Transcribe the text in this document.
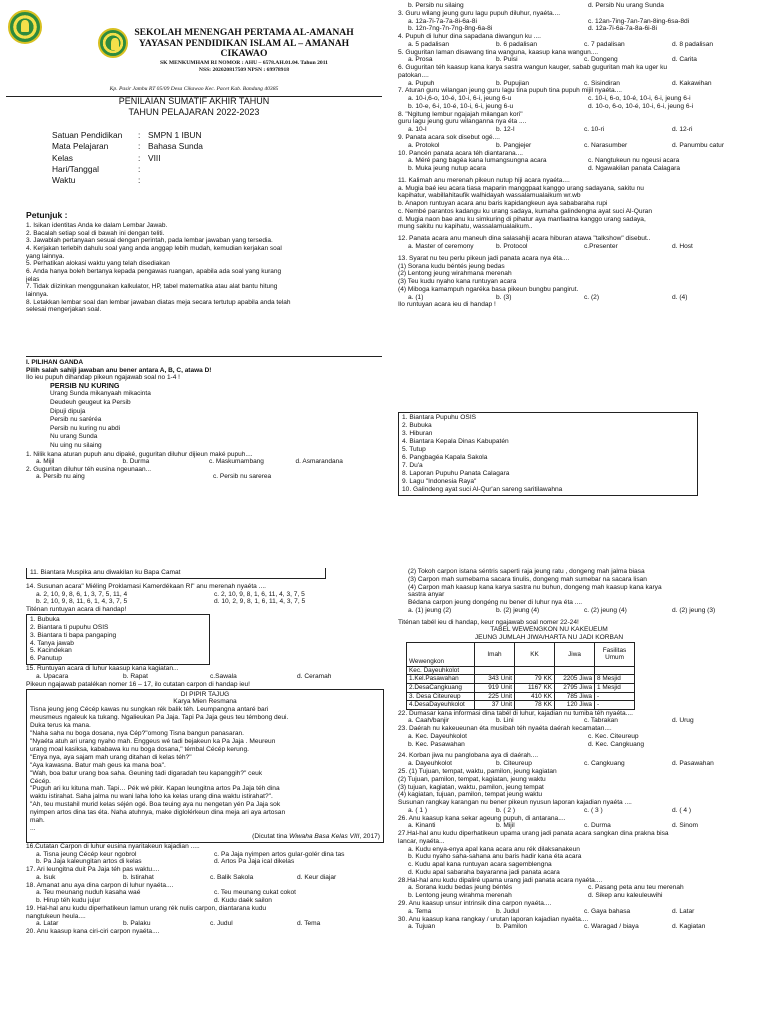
SEKOLAH MENENGAH PERTAMA AL-AMANAH
YAYASAN PENDIDIKAN ISLAM AL – AMANAH
CIKAWAO
SK MENKUMHAM RI NOMOR : AHU – 6578.AH.01.04. Tahun 2011
NSS: 202020817509 NPSN : 69978918
Kp. Pasir Jambu RT 05/09 Desa Cikawao Kec. Pacet Kab. Bandung 40385
PENILAIAN SUMATIF AKHIR TAHUN
TAHUN PELAJARAN 2022-2023
Satuan Pendidikan	: SMPN 1 IBUN
Mata Pelajaran	: Bahasa Sunda
Kelas	: VIII
Hari/Tanggal	:
Waktu	:
Petunjuk :
1. Isikan identitas Anda ke dalam Lembar Jawab.
2. Bacalah setiap soal di bawah ini dengan teliti.
3. Jawablah pertanyaan sesuai dengan perintah, pada lembar jawaban yang tersedia.
4. Kerjakan terlebih dahulu soal yang anda anggap lebih mudah, kemudian kerjakan soal
yang lainnya.
5. Perhatikan alokasi waktu yang telah disediakan
6. Anda hanya boleh bertanya kepada pengawas ruangan, apabila ada soal yang kurang
jelas
7. Tidak diizinkan menggunakan kalkulator, HP, tabel matematika atau alat bantu hitung
lainnya.
8. Letakkan lembar soal dan lembar jawaban diatas meja secara tertutup apabila anda telah
selesai mengerjakan soal.
I. PILIHAN GANDA
Pilih salah sahiji jawaban anu bener antara A, B, C, atawa D!
Ilo ieu pupuh dihandap pikeun ngajawab soal no 1-4 !
PERSIB NU KURING
Urang Sunda mikanyaah mikacinta
Deudeuh geugeut ka Persib
Dipuji dipuja
Persib nu saréréa
Persib nu kuring nu abdi
Nu urang Sunda
Nu uing nu silaing
1. Nilik kana aturan pupuh anu dipaké, guguritan diluhur dijieun maké pupuh....
a. Mijil	b. Durma	c. Maskumambang	d. Asmarandana
2. Guguritan diluhur téh eusina ngeunaan...
a. Persib nu aing	c. Persib nu sarerea
b. Persib nu silaing	d. Persib Nu urang Sunda
3. Guru wilang jeung guru lagu pupuh diluhur, nyaéta....
a. 12a-7i-7a-7a-8i-6a-8i	c. 12an-7ing-7an-7an-8ing-6sa-8di
b. 12n-7ng-7n-7ng-8ng-6a-8i	d. 12a-7i-6a-7a-8a-6i-8i
4. Pupuh di luhur dina sapadana diwangun ku ....
a. 5 padalisan	b. 6 padalisan	c. 7 padalisan	d. 8 padalisan
5. Guguritan laman disawang tina wanguna, kaasup kana wangun....
a. Prosa	b. Puisi	c. Dongeng	d. Carita
6. Guguritan téh kaasup kana karya sastra wangun kauger, sabab guguritan mah ka uger ku
patokan....
a. Pupuh	b. Pupujian	c. Sisindiran	d. Kakawihan
7. Aturan guru wilangan jeung guru lagu tina pupuh tina pupuh mijil nyaéta....
a. 10-i,6-o, 10-é, 10-i, 6-i, jeung 6-u	c. 10-i, 6-o, 10-é, 10-i, 6-i, jeung 6-i
b. 10-e, 6-i, 10-é, 10-i, 6-i, jeung 6-u	d. 10-o, 6-o, 10-é, 10-i, 6-i, jeung 6-i
8. "Ngitung lembur ngajajah milangan kori"
guru lagu jeung guru wilanganna nya éta ....
a. 10-I	b. 12-I	c. 10-ri	d. 12-ri
9. Panata acara sok disebut ogé....
a. Protokol	b. Pangjejer	c. Narasumber	d. Panumbu catur
10. Pancén panata acara téh diantarana....
a. Méré pang bagéa kana lumangsungna acara	c. Nangtukeun nu ngeusi acara
b. Muka jeung nutup acara	d. Ngawakilan panata Calagara
11. Kalimah anu merenah pikeun nutup hiji acara nyaéta....
a. Mugia baé ieu acara tiasa maparin manggpaat kanggo urang sadayana, sakitu nu
kapihatur, wabillahitaufik walhidayah wassalamualaikum wr.wb
b. Anapon runtuyan acara anu baris kapidangkeun aya sababaraha rupi
c. Nembé parantos kadangu ku urang sadaya, kumaha galindengna ayat suci Al-Quran
d. Mugia naon bae anu ku simkuring di pihatur aya manfaatna kanggo urang sadaya,
mung sakitu nu kapihatu, wassalamualaikum..
12. Panata acara anu maneuh dina salasahiji acara hiburan atawa "talkshow" disebut..
a. Master of ceremony	b. Protocol	c.Presenter	d. Host
13. Syarat nu teu perlu pikeun jadi panata acara nya éta....
(1) Sorana kudu béntés jeung bedas
(2) Lentong jeung wirahmana merenah
(3) Teu kudu nyaho kana runtuyan acara
(4) Miboga kamampuh ngaréka basa pikeun bungbu pangirut.
a. (1)	b. (3)	c. (2)	d. (4)
Ilo runtuyan acara ieu di handap !
1. Biantara Pupuhu OSIS
2. Bubuka
3. Hiburan
4. Biantara Kepala Dinas Kabupatén
5. Tutup
6. Pangbagéa Kapala Sakola
7. Du'a
8. Laporan Pupuhu Panata Calagara
9. Lagu "Indonesia Raya"
10. Galindeng ayat suci Al-Qur'an sareng saritilawahna
11. Biantara Muspika anu diwakilan ku Bapa Camat
14. Susunan acara" Miéling Proklamasi Kamerdékaan RI" anu merenah nyaéta ....
a. 2, 10, 9, 8, 6, 1, 3, 7, 5, 11, 4	c. 2, 10, 9, 8, 1, 6, 11, 4, 3, 7, 5
b. 2, 10, 9, 8, 11, 6, 1, 4, 3, 7, 5	d. 10, 2, 9, 8, 1, 6, 11, 4, 3, 7, 5
Titénan runtuyan acara di handap!
1. Bubuka
2. Biantara ti pupuhu OSIS
3. Biantara ti bapa pangaping
4. Tanya jawab
5. Kacindekan
6. Panutup
15. Runtuyan acara di luhur kaasup kana kagiatan...
a. Upacara	b. Rapat	c.Sawala	d. Ceramah
Pikeun ngajawab patalékan nomer 16 – 17, ilo cutatan carpon di handap ieu!
DI PIPIR TAJUG
Karya Mien Resmana
Tisna jeung jeng Cécép kawas nu sungkan rék balik téh. Leumpangna antaré bari
meusmeus ngaleuk ka tukang. Ngalieukan Pa Jaja. Tapi Pa Jaja geus teu témbong deui.
Duka terus ka mana.
"Naha saha nu boga dosana, nya Cép?"omong Tisna bangun panasaran.
"Nyaéta atuh ari urang nyaho mah. Enggeus wé tadi bejakeun ka Pa Jaja . Meureun
urang moal kasiksa, kababawa ku nu boga dosana," témbal Cécép kerung.
"Enya nya, aya sajam mah urang ditahan di kelas téh?"
"Aya kawasna. Batur mah geus ka mana boa".
"Wah, boa batur urang boa saha. Geuning tadi digaradah teu kapanggih?" ceuk
Cécép.
"Puguh ari ku kituna mah. Tapi… Pék wé pikir. Kapan leungitna artos Pa Jaja téh dina
waktu istirahat. Saha jalma nu wani laha loho ka kelas urang dina waktu istirahat?".
"Ah, teu mustahil murid kelas séjén ogé. Boa teuing aya nu nengetan yén Pa Jaja sok
nyimpen artos dina tas éta. Naha atuhnya, make diglolérkeun dina meja ari aya artosan
mah.
...
(Dicutat tina Wiwaha Basa Kelas VIII, 2017)
16.Cutatan Carpon di luhur eusina nyaritakeun kajadian .....
a. Tisna jeung Cécép keur ngobrol	c. Pa Jaja nyimpen artos gular-golér dina tas
b. Pa Jaja kaleungitan artos di kelas	d. Artos Pa Jaja ical dikelas
17. Ari leungitna duit Pa Jaja téh pas waktu....
a. Isuk	b. Istirahat	c. Balik Sakola	d. Keur diajar
18. Amanat anu aya dina carpon di luhur nyaéta....
a. Teu meunang nuduh kasaha waé	c. Teu meunang cukat cokot
b. Hirup téh kudu jujur	d. Kudu daék sailon
19. Hal-hal anu kudu diperhatikeun lamun urang rék nulis carpon, diantarana kudu
nangtukeun heula....
a. Latar	b. Palaku	c. Judul	d. Tema
20. Anu kaasup kana ciri-ciri carpon nyaéta....
(2) Tokoh carpon istana séntris saperti raja jeung ratu , dongeng mah jalma biasa
(3) Carpon mah sumebarna sacara tinulis, dongeng mah sumebar na sacara lisan
(4) Carpon mah kaasup kana karya sastra nu buhun, dongeng mah kaasup kana karya
sastra anyar
Bédana carpon jeung dongéng nu bener di luhur nya éta ....
a. (1) jeung (2)	b. (2) jeung (4)	c. (2) jeung (4)	d. (2) jeung (3)
Titénan tabél ieu di handap, keur ngajawab soal nomer 22-24!
TABEL WEWENGKON NU KAKEUEUM
JEUNG JUMLAH JIWA/HARTA NU JADI KORBAN
Wewengkon	Imah	KK	Jiwa	Fasilitas Umum
Kec. Dayeuhkolot				
1.Kel.Pasawahan	343 Unit	79 KK	2205 Jiwa	8 Mesjid
2.DesaCangkuang	919 Unit	1167 KK	2795 Jiwa	1 Mesjid
3. Desa Citeureup	225 Unit	410 KK	785 Jiwa	-
4.DesaDayeuhkolot	37 Unit	78 KK	120 Jiwa	-
22. Dumasar kana informasi dina tabél di luhur, kajadian nu tumiba téh nyaéta....
a. Caah/banjir	b. Lini	c. Tabrakan	d. Urug
23. Daérah nu kakeueunan éta musibah téh nyaéta daérah kecamatan....
a. Kec. Dayeuhkolot	c. Kec. Citeureup
b. Kec. Pasawahan	d. Kec. Cangkuang
24. Korban jiwa nu panglobana aya di daérah....
a. Dayeuhkolot	b. Citeureup	c. Cangkuang	d. Pasawahan
25. (1) Tujuan, tempat, waktu, pamilon, jeung kagiatan
(2) Tujuan, pamilon, tempat, kagiatan, jeung waktu
(3) tujuan, kagiatan, waktu, pamilon, jeung tempat
(4) kagiatan, tujuan, pamilon, tempat jeung waktu
Susunan rangkay karangan nu bener pikeun nyusun laporan kajadian nyaéta ....
a. ( 1 )	b. ( 2 )	c. ( 3 )	d. ( 4 )
26. Anu kaasup kana sekar ageung pupuh, di antarana....
a. Kinanti	b. Mijil	c. Durma	d. Sinom
27.Hal-hal anu kudu diperhatikeun upama urang jadi panata acara sangkan dina prakna bisa
lancar, nyaéta...
a. Kudu enya-enya apal kana acara anu rék dilaksanakeun
b. Kudu nyaho saha-sahana anu baris hadir kana éta acara
c. Kudu apal kana runtuyan acara sagemblengna
d. Kudu apal sabaraha bayaranna jadi panata acara
28.Hal-hal anu kudu dipaliré upama urang jadi panata acara nyaéta....
a. Sorana kudu bedas jeung béntés	c. Pasang peta anu teu merenah
b. Lentong jeung wirahma merenah	d. Sikep anu kaleuleuwihi
29. Anu kaasup unsur intrinsik dina carpon nyaéta....
a. Tema	b. Judul	c. Gaya bahasa	d. Latar
30. Anu kaasup kana rangkay / urutan laporan kajadian nyaéta....
a. Tujuan	b. Pamilon	c. Waragad / biaya	d. Kagiatan
